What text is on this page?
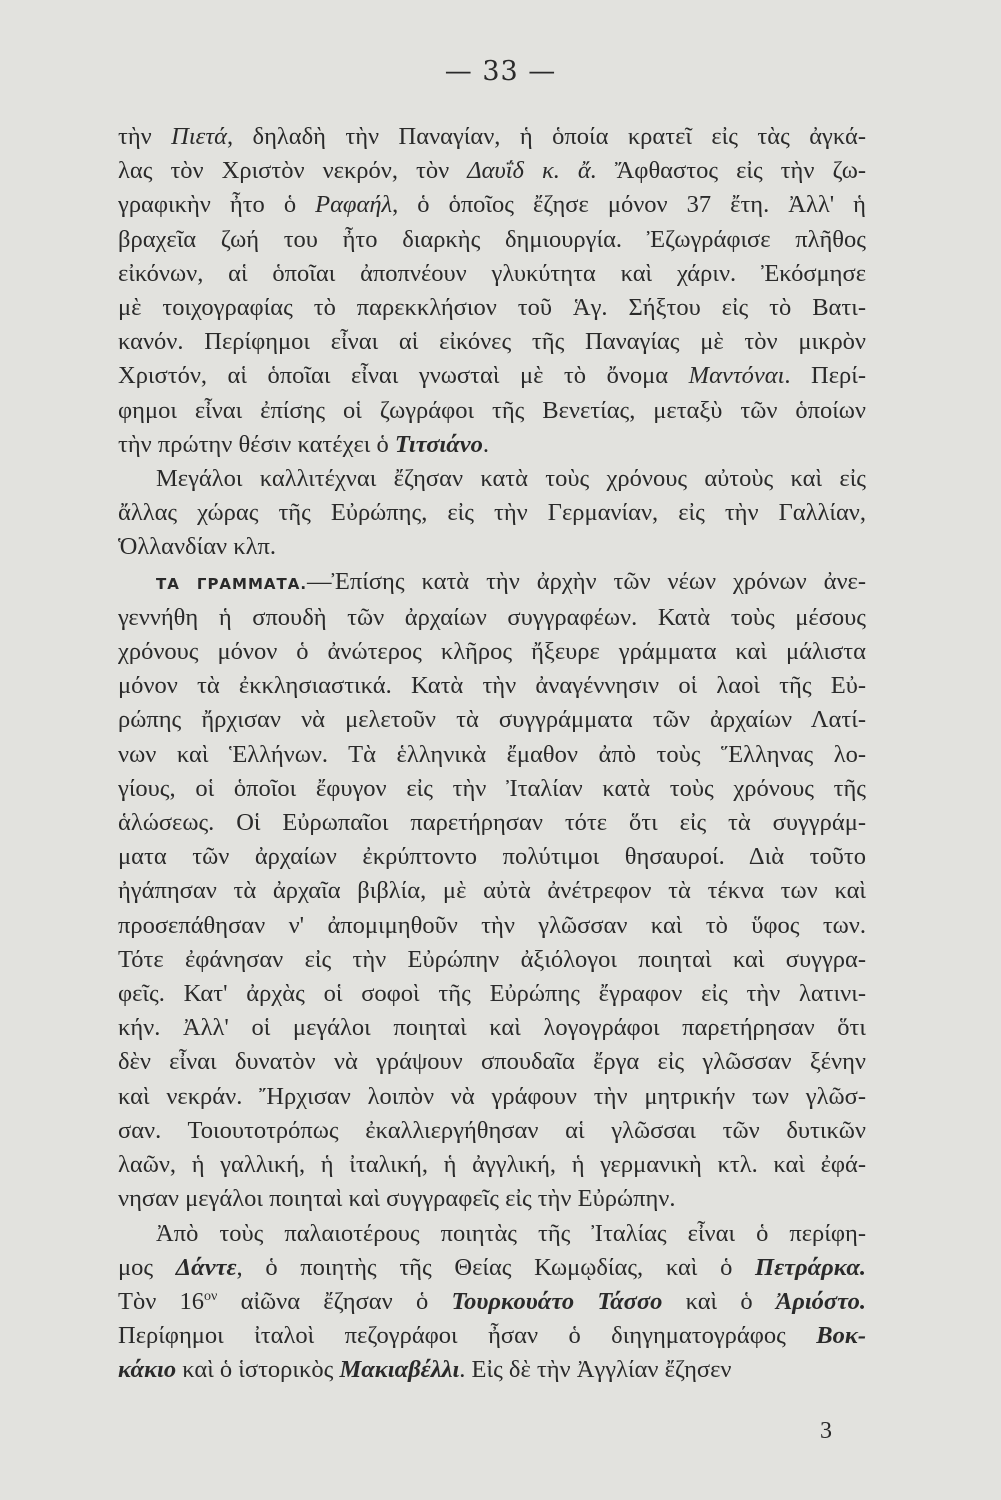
— 33 —
τὴν Πιετά, δηλαδὴ τὴν Παναγίαν, ἡ ὁποία κρατεῖ εἰς τὰς ἀγκά-
λας τὸν Χριστὸν νεκρόν, τὸν Δαυΐδ κ. ἄ. Ἄφθαστος εἰς τὴν ζω-
γραφικὴν ἦτο ὁ Ραφαήλ, ὁ ὁποῖος ἔζησε μόνον 37 ἔτη. Ἀλλ' ἡ
βραχεῖα ζωή του ἦτο διαρκὴς δημιουργία. Ἐζωγράφισε πλῆθος
εἰκόνων, αἱ ὁποῖαι ἀποπνέουν γλυκύτητα καὶ χάριν. Ἐκόσμησε
μὲ τοιχογραφίας τὸ παρεκκλήσιον τοῦ Ἁγ. Σήξτου εἰς τὸ Βατι-
κανόν. Περίφημοι εἶναι αἱ εἰκόνες τῆς Παναγίας μὲ τὸν μικρὸν
Χριστόν, αἱ ὁποῖαι εἶναι γνωσταὶ μὲ τὸ ὄνομα Μαντόναι. Περί-
φημοι εἶναι ἐπίσης οἱ ζωγράφοι τῆς Βενετίας, μεταξὺ τῶν ὁποίων
τὴν πρώτην θέσιν κατέχει ὁ Τιτσιάνο.
Μεγάλοι καλλιτέχναι ἔζησαν κατὰ τοὺς χρόνους αὐτοὺς καὶ εἰς
ἄλλας χώρας τῆς Εὐρώπης, εἰς τὴν Γερμανίαν, εἰς τὴν Γαλλίαν,
Ὁλλανδίαν κλπ.
ΤΑ ΓΡΑΜΜΑΤΑ.—Ἐπίσης κατὰ τὴν ἀρχὴν τῶν νέων χρόνων ἀνε-
γεννήθη ἡ σπουδὴ τῶν ἀρχαίων συγγραφέων. Κατὰ τοὺς μέσους
χρόνους μόνον ὁ ἀνώτερος κλῆρος ἤξευρε γράμματα καὶ μάλιστα
μόνον τὰ ἐκκλησιαστικά. Κατὰ τὴν ἀναγέννησιν οἱ λαοὶ τῆς Εὐ-
ρώπης ἤρχισαν νὰ μελετοῦν τὰ συγγράμματα τῶν ἀρχαίων Λατί-
νων καὶ Ἑλλήνων. Τὰ ἑλληνικὰ ἔμαθον ἀπὸ τοὺς Ἕλληνας λο-
γίους, οἱ ὁποῖοι ἔφυγον εἰς τὴν Ἰταλίαν κατὰ τοὺς χρόνους τῆς
ἁλώσεως. Οἱ Εὐρωπαῖοι παρετήρησαν τότε ὅτι εἰς τὰ συγγράμ-
ματα τῶν ἀρχαίων ἐκρύπτοντο πολύτιμοι θησαυροί. Διὰ τοῦτο
ἠγάπησαν τὰ ἀρχαῖα βιβλία, μὲ αὐτὰ ἀνέτρεφον τὰ τέκνα των καὶ
προσεπάθησαν ν' ἀπομιμηθοῦν τὴν γλῶσσαν καὶ τὸ ὕφος των.
Τότε ἐφάνησαν εἰς τὴν Εὐρώπην ἀξιόλογοι ποιηταὶ καὶ συγγρα-
φεῖς. Κατ' ἀρχὰς οἱ σοφοὶ τῆς Εὐρώπης ἔγραφον εἰς τὴν λατινι-
κήν. Ἀλλ' οἱ μεγάλοι ποιηταὶ καὶ λογογράφοι παρετήρησαν ὅτι
δὲν εἶναι δυνατὸν νὰ γράψουν σπουδαῖα ἔργα εἰς γλῶσσαν ξένην
καὶ νεκράν. Ἤρχισαν λοιπὸν νὰ γράφουν τὴν μητρικήν των γλῶσ-
σαν. Τοιουτοτρόπως ἐκαλλιεργήθησαν αἱ γλῶσσαι τῶν δυτικῶν
λαῶν, ἡ γαλλική, ἡ ἰταλική, ἡ ἀγγλική, ἡ γερμανικὴ κτλ. καὶ ἐφά-
νησαν μεγάλοι ποιηταὶ καὶ συγγραφεῖς εἰς τὴν Εὐρώπην.
Ἀπὸ τοὺς παλαιοτέρους ποιητὰς τῆς Ἰταλίας εἶναι ὁ περίφη-
μος Δάντε, ὁ ποιητὴς τῆς Θείας Κωμῳδίας, καὶ ὁ Πετράρκα.
Τὸν $16^{o\nu}$ αἰῶνα ἔζησαν ὁ Τουρκουάτο Τάσσο καὶ ὁ Ἀριόστο.
Περίφημοι ἰταλοὶ πεζογράφοι ἦσαν ὁ διηγηματογράφος Βοκ-
κάκιο καὶ ὁ ἱστορικὸς Μακιαβέλλι. Εἰς δὲ τὴν Ἀγγλίαν ἔζησεν
3
